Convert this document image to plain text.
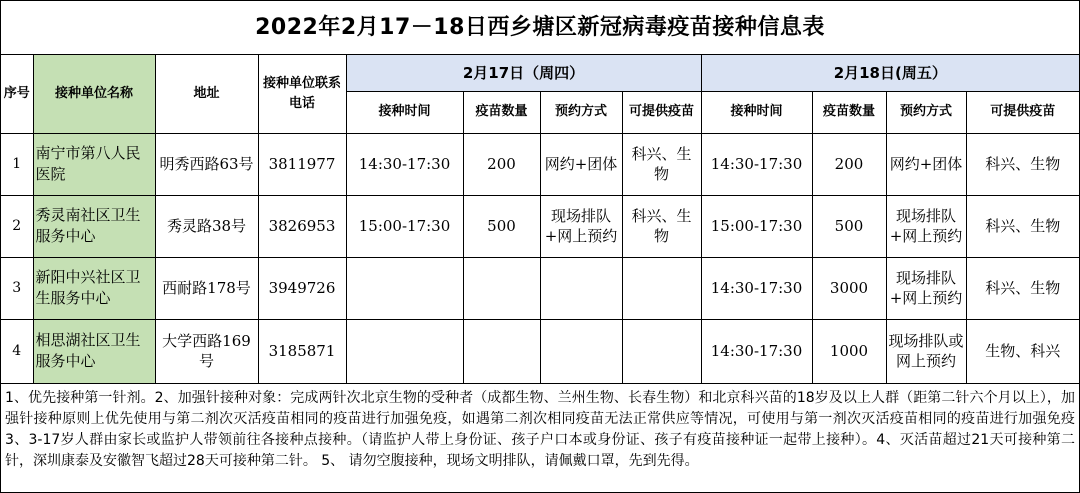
2022年2月17－18日西乡塘区新冠病毒疫苗接种信息表
序号	接种单位名称	地址	接种单位联系电话	2月17日（周四）				2月18日(周五）			
				接种时间	疫苗数量	预约方式	可提供疫苗	接种时间	疫苗数量	预约方式	可提供疫苗
1	南宁市第八人民医院	明秀西路63号	3811977	14:30-17:30	200	网约+团体	科兴、生物	14:30-17:30	200	网约+团体	科兴、生物
2	秀灵南社区卫生服务中心	秀灵路38号	3826953	15:00-17:30	500	现场排队+网上预约	科兴、生物	15:00-17:30	500	现场排队+网上预约	科兴、生物
3	新阳中兴社区卫生服务中心	西耐路178号	3949726					14:30-17:30	3000	现场排队+网上预约	科兴、生物
4	相思湖社区卫生服务中心	大学西路169号	3185871					14:30-17:30	1000	现场排队或网上预约	生物、科兴
1、优先接种第一针剂。2、加强针接种对象：完成两针次北京生物的受种者（成都生物、兰州生物、长春生物）和北京科兴苗的18岁及以上人群（距第二针六个月以上），加强针接种原则上优先使用与第二剂次灭活疫苗相同的疫苗进行加强免疫，如遇第二剂次相同疫苗无法正常供应等情况，可使用与第一剂次灭活疫苗相同的疫苗进行加强免疫 3、3-17岁人群由家长或监护人带领前往各接种点接种。（请监护人带上身份证、孩子户口本或身份证、孩子有疫苗接种证一起带上接种）。4、灭活苗超过21天可接种第二针，深圳康泰及安徽智飞超过28天可接种第二针。 5、 请勿空腹接种，现场文明排队，请佩戴口罩，先到先得。
